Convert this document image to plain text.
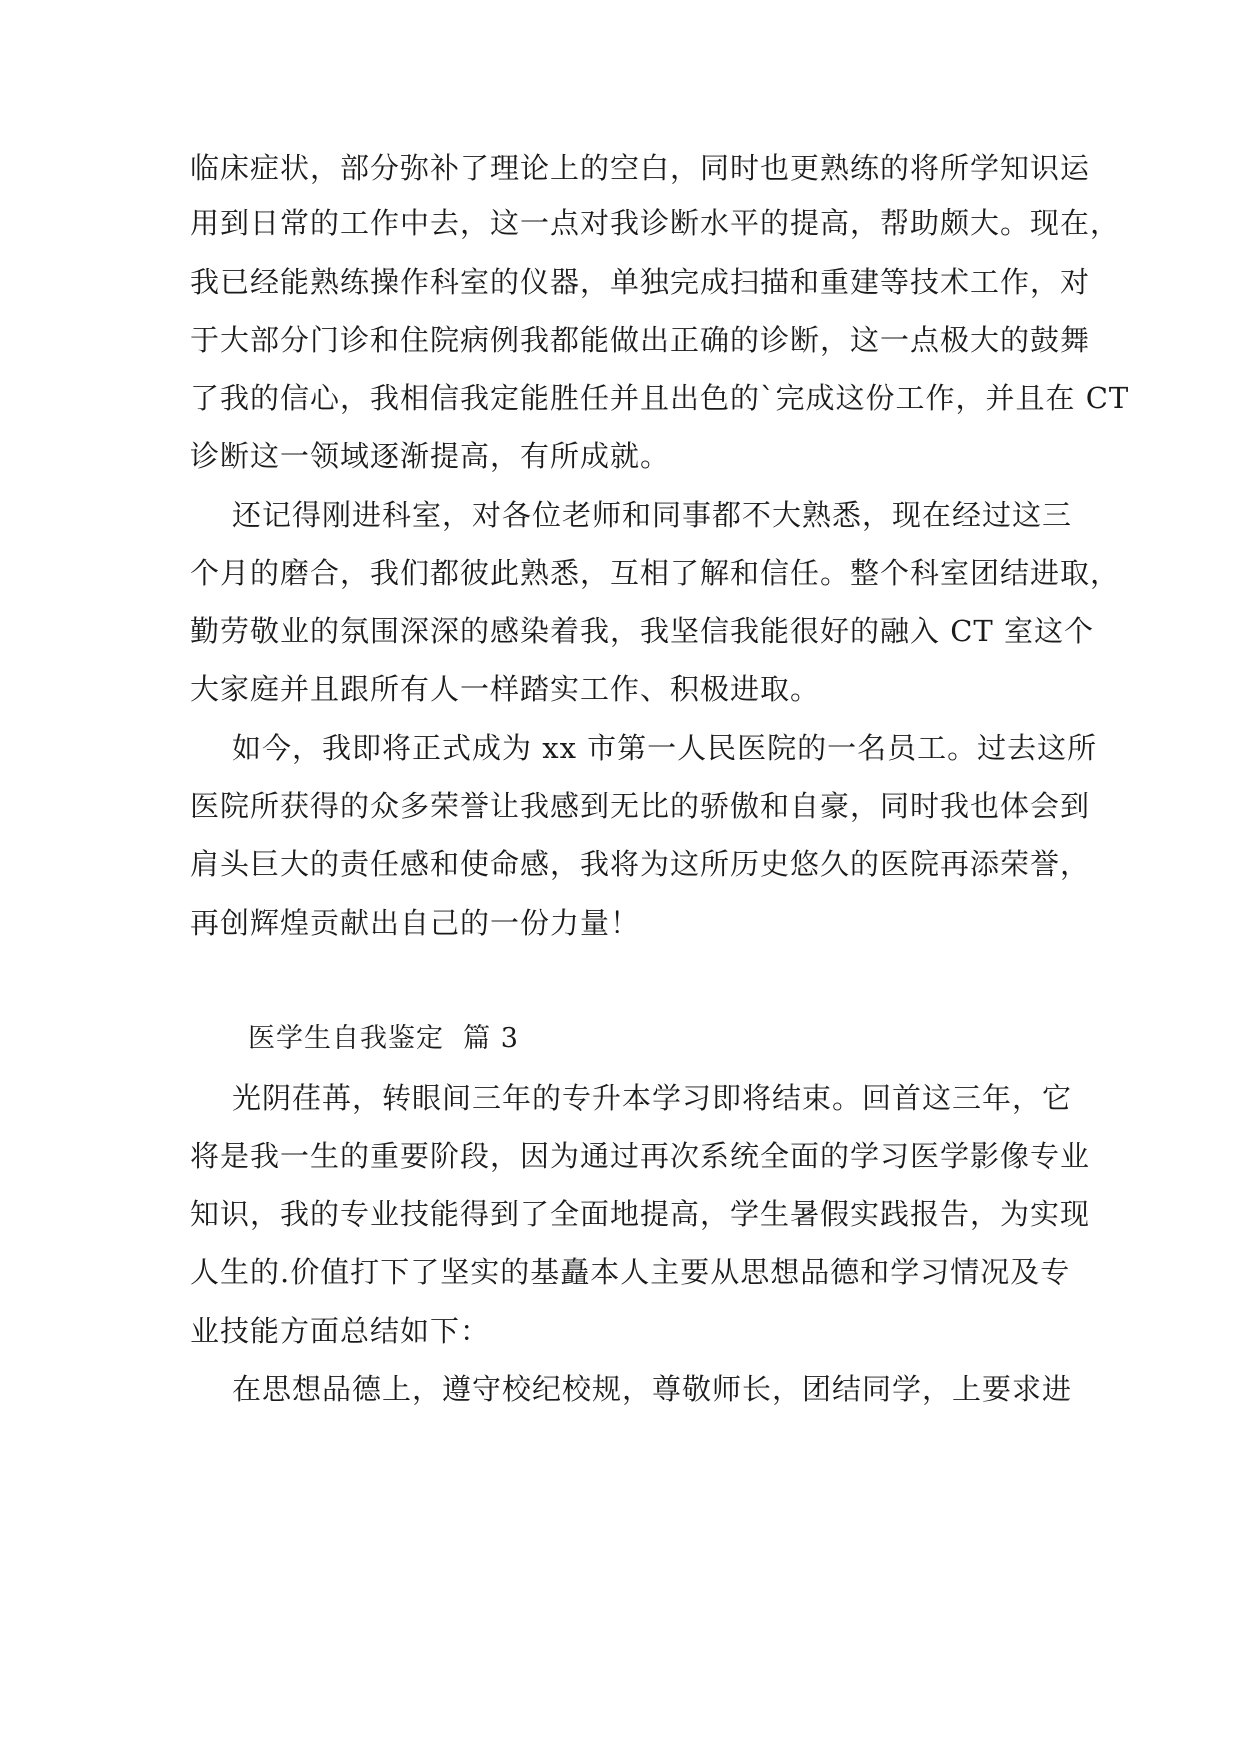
临床症状，部分弥补了理论上的空白，同时也更熟练的将所学知识运
用到日常的工作中去，这一点对我诊断水平的提高，帮助颇大。现在，
我已经能熟练操作科室的仪器，单独完成扫描和重建等技术工作，对
于大部分门诊和住院病例我都能做出正确的诊断，这一点极大的鼓舞
了我的信心，我相信我定能胜任并且出色的`完成这份工作，并且在 CT
诊断这一领域逐渐提高，有所成就。
还记得刚进科室，对各位老师和同事都不大熟悉，现在经过这三
个月的磨合，我们都彼此熟悉，互相了解和信任。整个科室团结进取，
勤劳敬业的氛围深深的感染着我，我坚信我能很好的融入 CT 室这个
大家庭并且跟所有人一样踏实工作、积极进取。
如今，我即将正式成为 xx 市第一人民医院的一名员工。过去这所
医院所获得的众多荣誉让我感到无比的骄傲和自豪，同时我也体会到
肩头巨大的责任感和使命感，我将为这所历史悠久的医院再添荣誉，
再创辉煌贡献出自己的一份力量！
医学生自我鉴定  篇 3
光阴荏苒，转眼间三年的专升本学习即将结束。回首这三年，它
将是我一生的重要阶段，因为通过再次系统全面的学习医学影像专业
知识，我的专业技能得到了全面地提高，学生暑假实践报告，为实现
人生的.价值打下了坚实的基矗本人主要从思想品德和学习情况及专
业技能方面总结如下：
在思想品德上，遵守校纪校规，尊敬师长，团结同学，上要求进
